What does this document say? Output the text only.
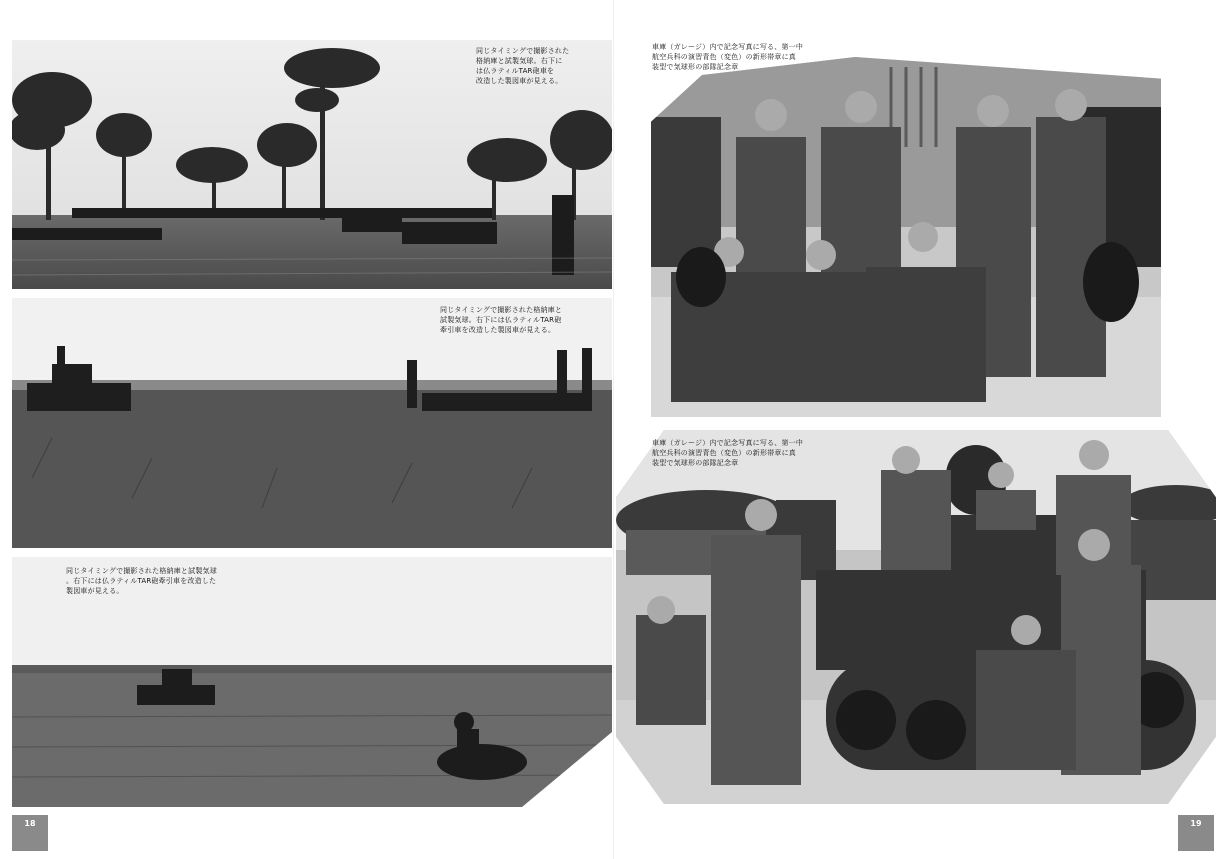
同じタイミングで撮影された
格納庫と試製気球。右下に
は仏ラティルTAR砲車を
改造した製図車が見える。
同じタイミングで撮影された格納庫と
試製気球。右下には仏ラティルTAR砲
牽引車を改造した製図車が見える。
同じタイミングで撮影された格納庫と試製気球
。右下には仏ラティルTAR砲牽引車を改造した
製図車が見える。
車庫（ガレージ）内で記念写真に写る、第一中
航空兵科の演習青色（変色）の新形帯章に真
装型で気球形の部隊記念章
車庫（ガレージ）内で記念写真に写る、第一中
航空兵科の演習青色（変色）の新形帯章に真
装型で気球形の部隊記念章
18	19
